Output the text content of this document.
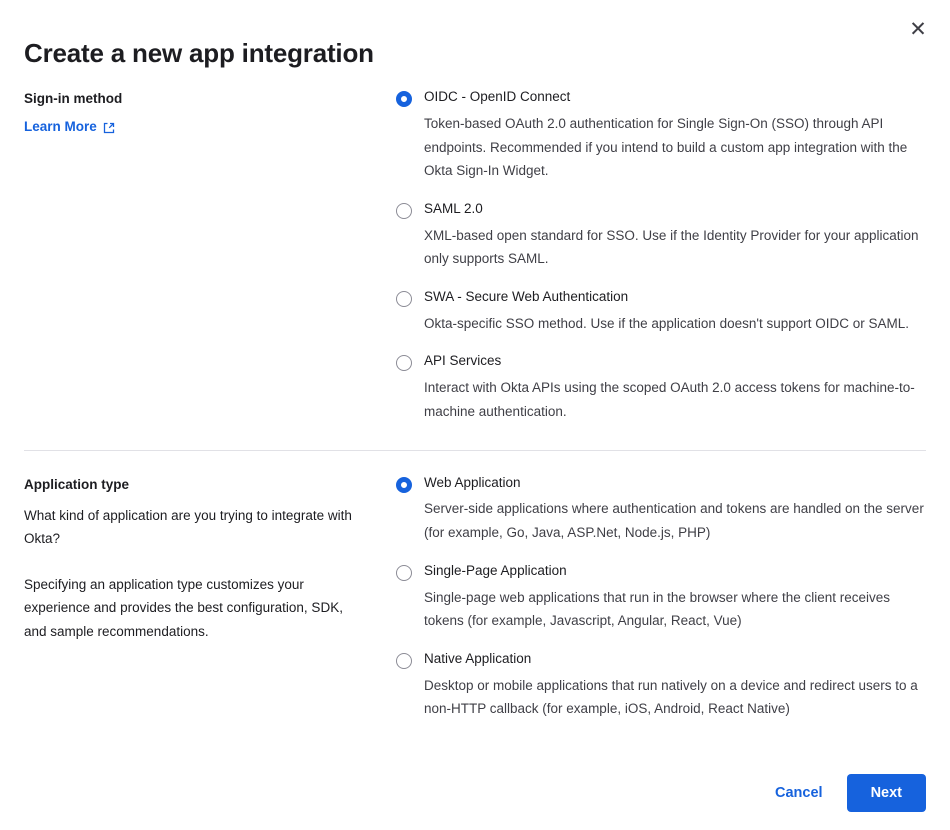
✕
Create a new app integration
Sign-in method
Learn More
OIDC - OpenID Connect
Token-based OAuth 2.0 authentication for Single Sign-On (SSO) through API endpoints. Recommended if you intend to build a custom app integration with the Okta Sign-In Widget.
SAML 2.0
XML-based open standard for SSO. Use if the Identity Provider for your application only supports SAML.
SWA - Secure Web Authentication
Okta-specific SSO method. Use if the application doesn't support OIDC or SAML.
API Services
Interact with Okta APIs using the scoped OAuth 2.0 access tokens for machine-to-machine authentication.
Application type

What kind of application are you trying to integrate with Okta?

Specifying an application type customizes your experience and provides the best configuration, SDK, and sample recommendations.

Web Application
Server-side applications where authentication and tokens are handled on the server (for example, Go, Java, ASP.Net, Node.js, PHP)
Single-Page Application
Single-page web applications that run in the browser where the client receives tokens (for example, Javascript, Angular, React, Vue)
Native Application
Desktop or mobile applications that run natively on a device and redirect users to a non-HTTP callback (for example, iOS, Android, React Native)
Cancel	Next
